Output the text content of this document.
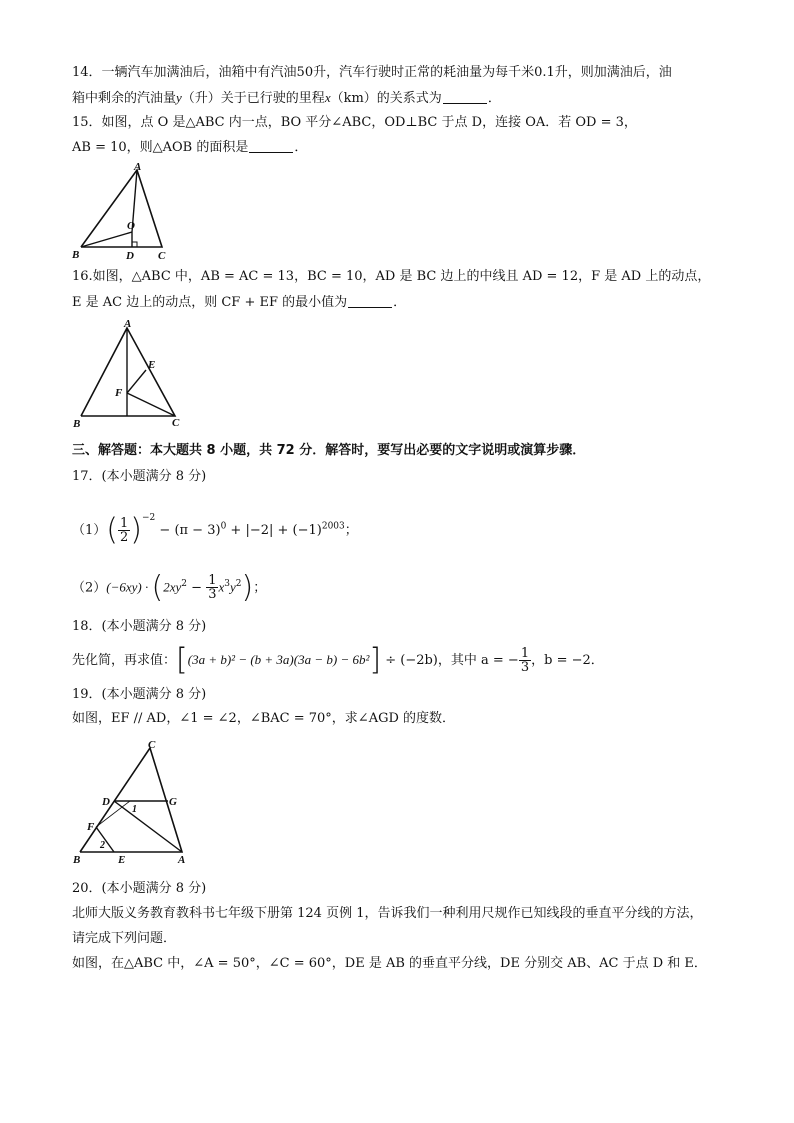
14．一辆汽车加满油后，油箱中有汽油50升，汽车行驶时正常的耗油量为每千米0.1升，则加满油后，油
箱中剩余的汽油量y（升）关于已行驶的里程x（km）的关系式为	．
15．如图，点 O 是△ABC 内一点，BO 平分∠ABC，OD⊥BC 于点 D，连接 OA．若 OD = 3，
AB = 10，则△AOB 的面积是	．
A
B	D C
O
16.如图，△ABC 中，AB = AC = 13，BC = 10，AD 是 BC 边上的中线且 AD = 12，F 是 AD 上的动点，
E 是 AC 边上的动点，则 CF + EF 的最小值为	．
A
B	C
E
F
三、解答题：本大题共 8 小题，共 72 分．解答时，要写出必要的文字说明或演算步骤．
17．(本小题满分 8 分)
$(1)( \frac{1}{2} )^{-2} - (\pi - 3)^0 + |-2| + (-1)^{2003}$；
$(2)(-6xy) \cdot (2xy^2 - \frac{1}{3} x^3y^2)$；
18．(本小题满分 8 分)
先化简，再求值：[(3a + b)² − (b + 3a)(3a − b) − 6b²] ÷ (−2b)，其中 a = − $\frac{1}{3}$ ，b = −2．
19．(本小题满分 8 分)
如图，EF // AD，∠1 = ∠2，∠BAC = 70°，求∠AGD 的度数．
C
D	G
F
B	E	A
1
2
20．(本小题满分 8 分)
北师大版义务教育教科书七年级下册第 124 页例 1，告诉我们一种利用尺规作已知线段的垂直平分线的方法，
请完成下列问题．
如图，在△ABC 中，∠A = 50°，∠C = 60°，DE 是 AB 的垂直平分线，DE 分别交 AB、AC 于点 D 和 E．
